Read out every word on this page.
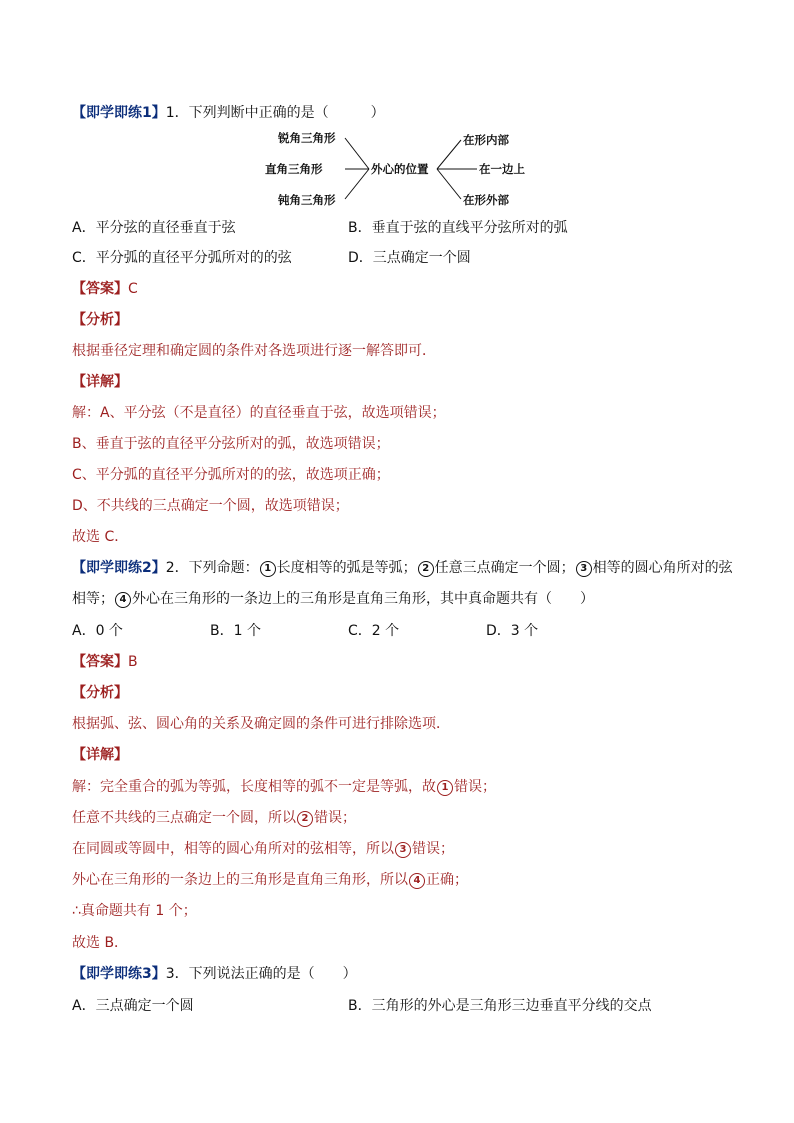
【即学即练1】1．下列判断中正确的是（　　　）
锐角三角形
直角三角形
钝角三角形
外心的位置
在形内部
在一边上
在形外部
A．平分弦的直径垂直于弦	B．垂直于弦的直线平分弦所对的弧
C．平分弧的直径平分弧所对的的弦	D．三点确定一个圆
【答案】C
【分析】
根据垂径定理和确定圆的条件对各选项进行逐一解答即可．
【详解】
解：A、平分弦（不是直径）的直径垂直于弦，故选项错误；
B、垂直于弦的直径平分弦所对的弧，故选项错误；
C、平分弧的直径平分弧所对的的弦，故选项正确；
D、不共线的三点确定一个圆，故选项错误；
故选 C．
【即学即练2】2．下列命题： 1 长度相等的弧是等弧； 2 任意三点确定一个圆； 3 相等的圆心角所对的弦
相等； 4 外心在三角形的一条边上的三角形是直角三角形，其中真命题共有（　　）
A．0 个	B．1 个	C．2 个	D．3 个
【答案】B
【分析】
根据弧、弦、圆心角的关系及确定圆的条件可进行排除选项．
【详解】
解：完全重合的弧为等弧，长度相等的弧不一定是等弧，故 1 错误；
任意不共线的三点确定一个圆，所以 2 错误；
在同圆或等圆中，相等的圆心角所对的弦相等，所以 3 错误；
外心在三角形的一条边上的三角形是直角三角形，所以 4 正确；
∴真命题共有 1 个；
故选 B．
【即学即练3】3．下列说法正确的是（　　）
A．三点确定一个圆	B．三角形的外心是三角形三边垂直平分线的交点
